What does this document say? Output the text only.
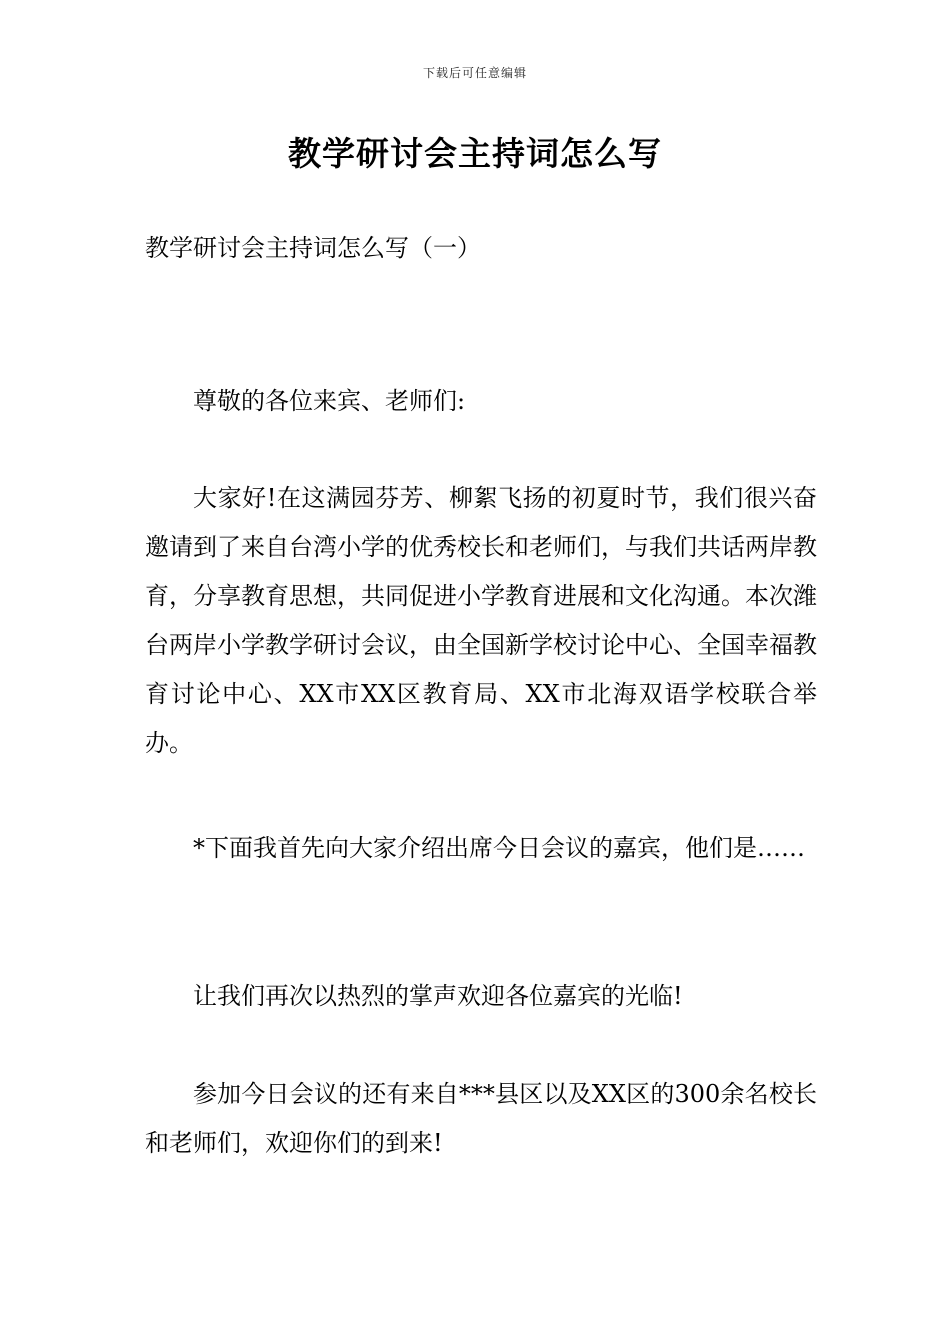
下载后可任意编辑
教学研讨会主持词怎么写

教学研讨会主持词怎么写（一）

尊敬的各位来宾、老师们:

大家好!在这满园芬芳、柳絮飞扬的初夏时节，我们很兴奋邀请到了来自台湾小学的优秀校长和老师们，与我们共话两岸教育，分享教育思想，共同促进小学教育进展和文化沟通。本次潍台两岸小学教学研讨会议，由全国新学校讨论中心、全国幸福教育讨论中心、XX市XX区教育局、XX市北海双语学校联合举办。

*下面我首先向大家介绍出席今日会议的嘉宾，他们是……

让我们再次以热烈的掌声欢迎各位嘉宾的光临!

参加今日会议的还有来自***县区以及XX区的300余名校长和老师们，欢迎你们的到来!
